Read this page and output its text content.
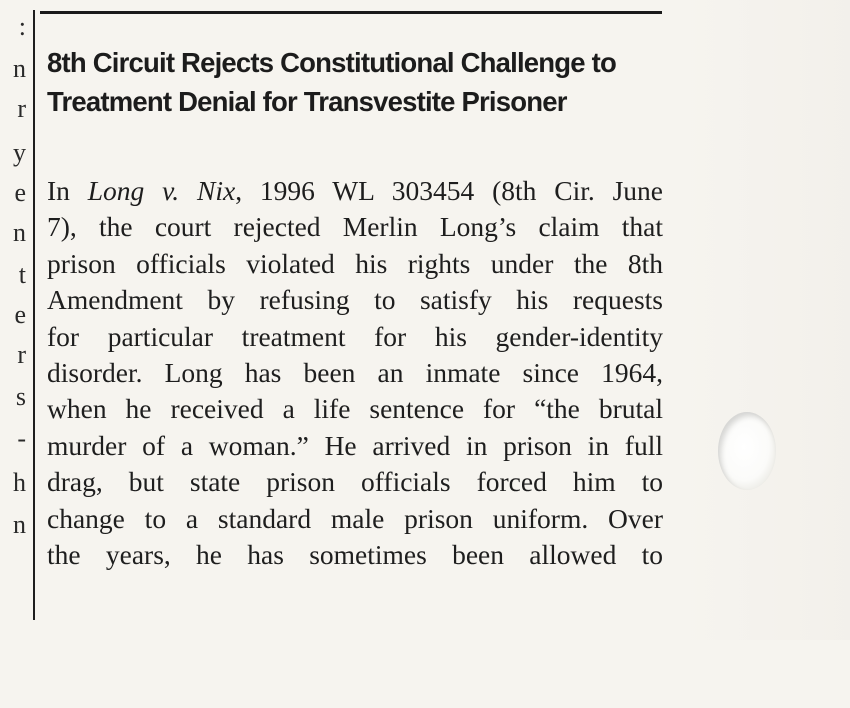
:
n
r
y
e
n
t
e
r
s
-
h
n
8th Circuit Rejects Constitutional Challenge to
Treatment Denial for Transvestite Prisoner

In Long v. Nix, 1996 WL 303454 (8th Cir. June
7), the court rejected Merlin Long’s claim that
prison officials violated his rights under the 8th
Amendment by refusing to satisfy his requests
for particular treatment for his gender-identity
disorder. Long has been an inmate since 1964,
when he received a life sentence for “the brutal
murder of a woman.” He arrived in prison in full
drag, but state prison officials forced him to
change to a standard male prison uniform. Over
the years, he has sometimes been allowed to
